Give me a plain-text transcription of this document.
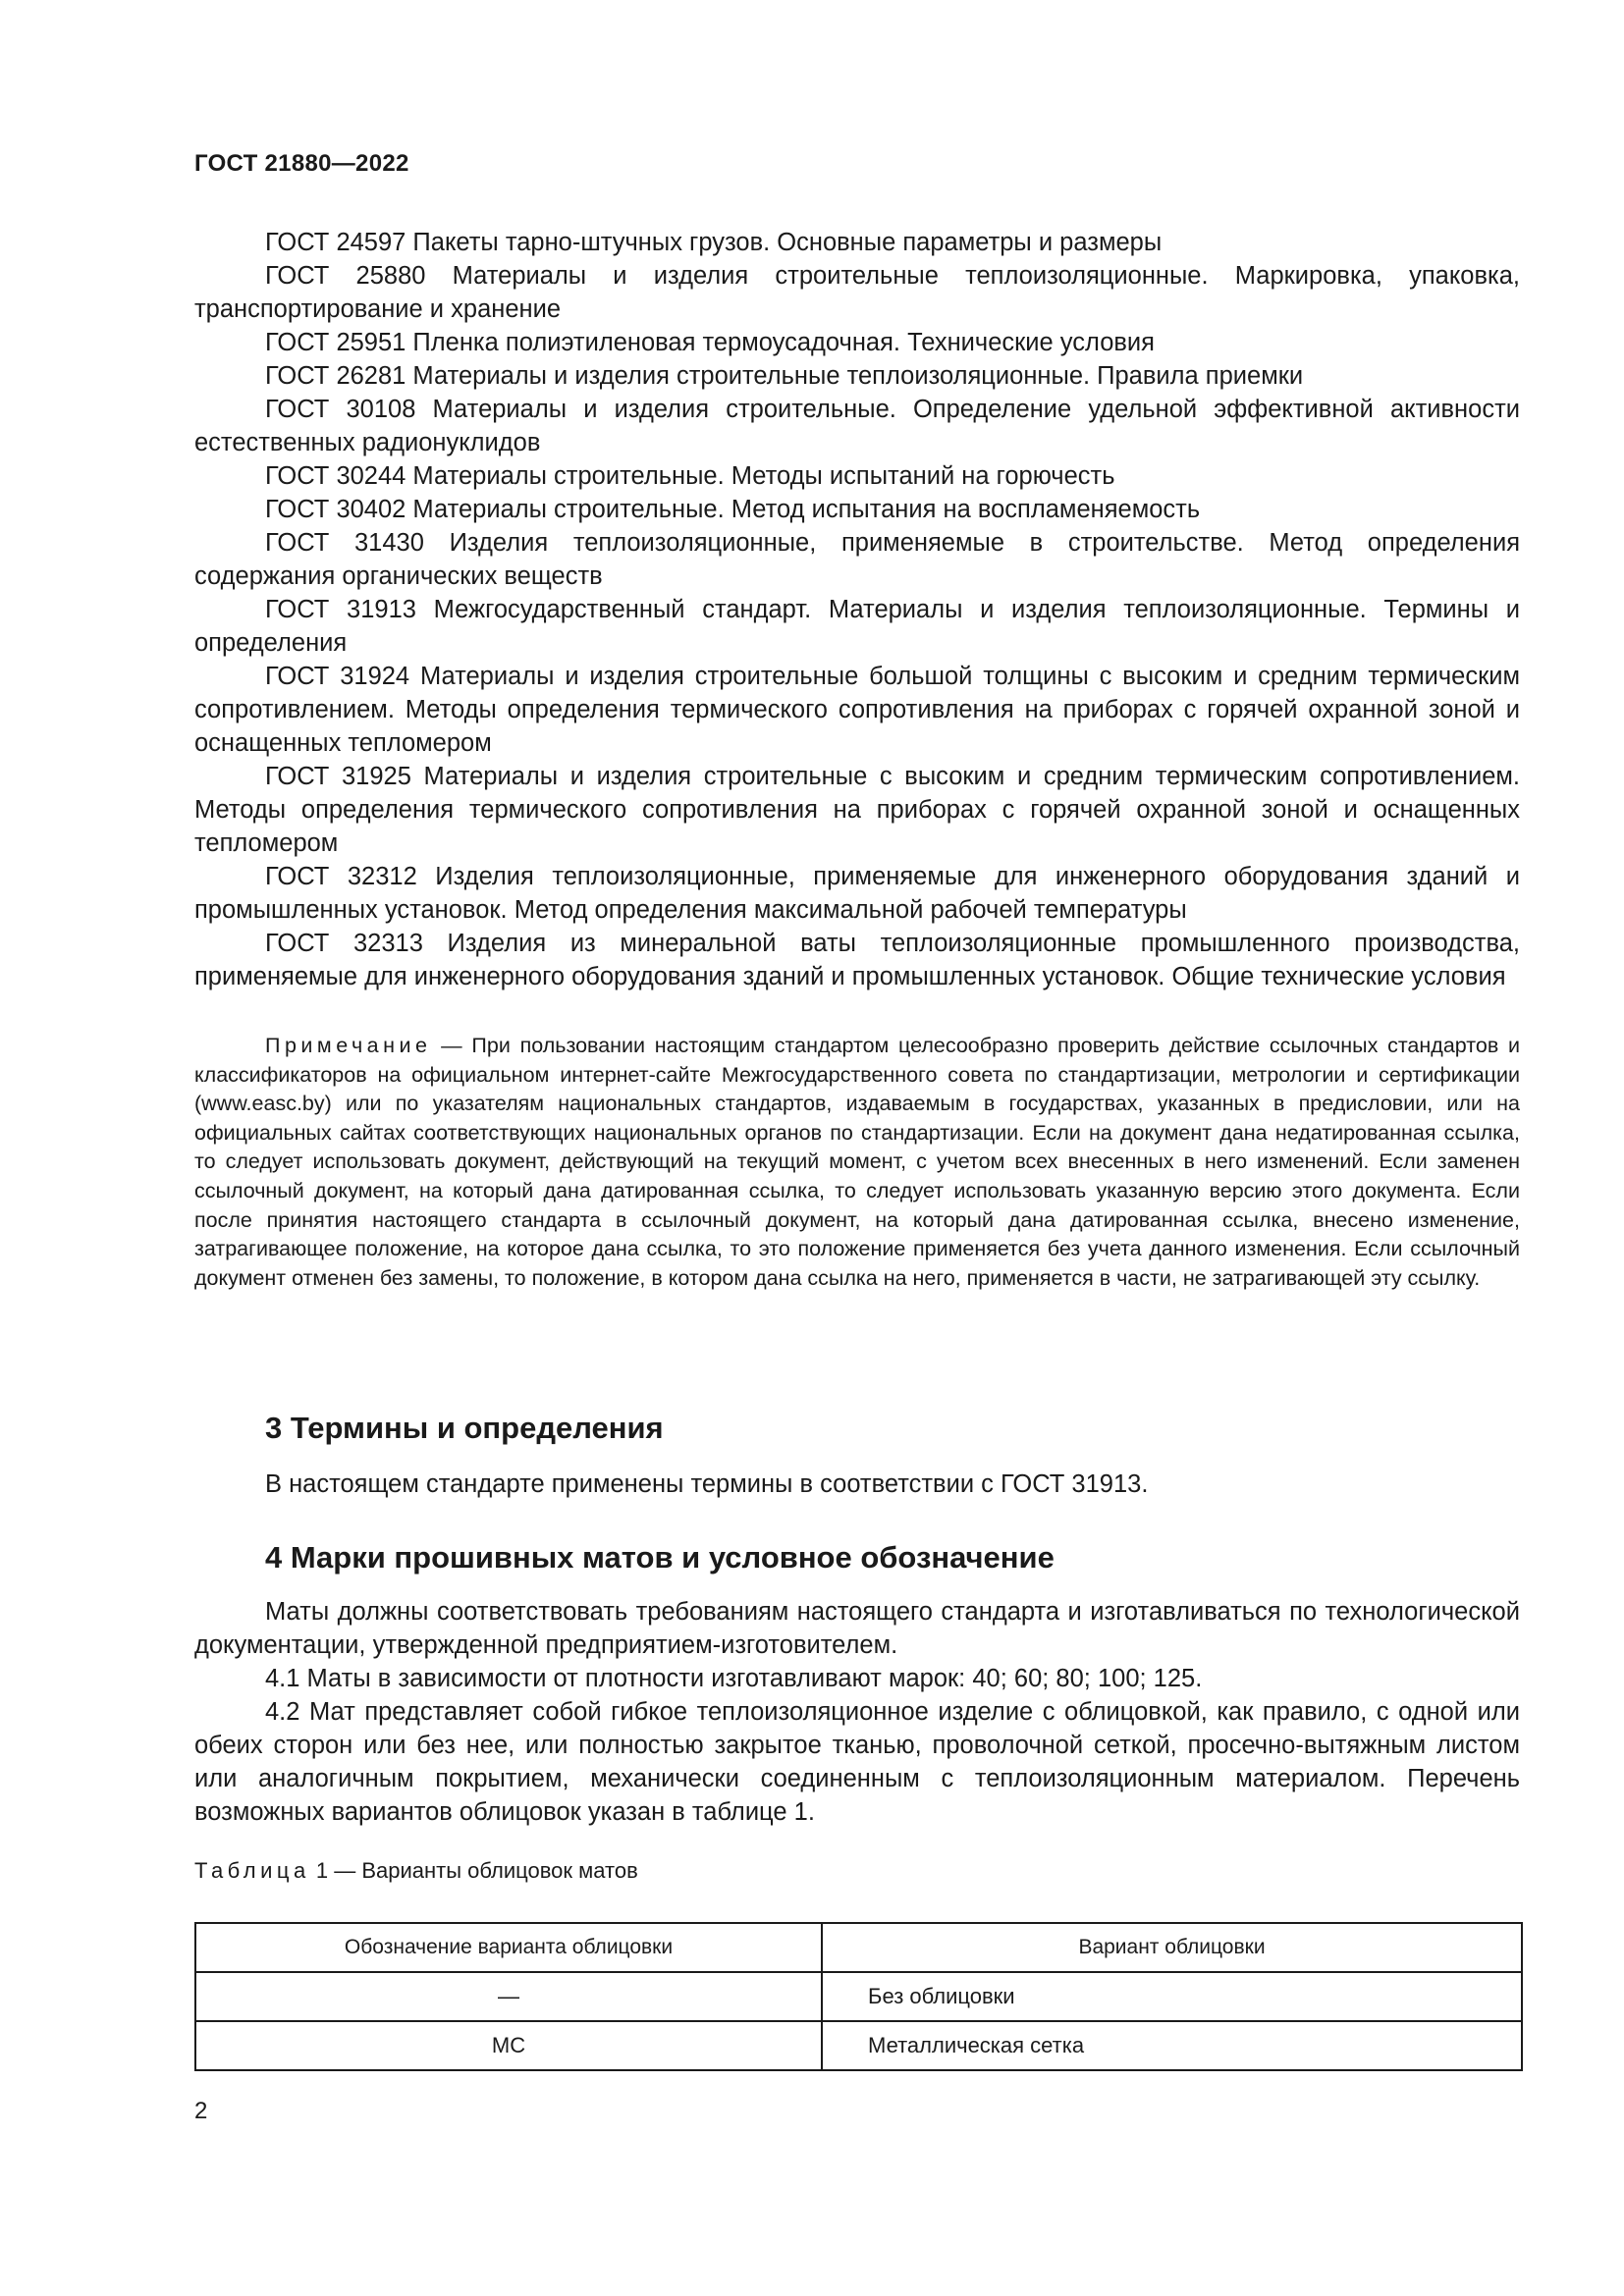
ГОСТ 21880—2022

ГОСТ 24597 Пакеты тарно-штучных грузов. Основные параметры и размеры

ГОСТ 25880 Материалы и изделия строительные теплоизоляционные. Маркировка, упаковка, транспортирование и хранение

ГОСТ 25951 Пленка полиэтиленовая термоусадочная. Технические условия

ГОСТ 26281 Материалы и изделия строительные теплоизоляционные. Правила приемки

ГОСТ 30108 Материалы и изделия строительные. Определение удельной эффективной активности естественных радионуклидов

ГОСТ 30244 Материалы строительные. Методы испытаний на горючесть

ГОСТ 30402 Материалы строительные. Метод испытания на воспламеняемость

ГОСТ 31430 Изделия теплоизоляционные, применяемые в строительстве. Метод определения содержания органических веществ

ГОСТ 31913 Межгосударственный стандарт. Материалы и изделия теплоизоляционные. Термины и определения

ГОСТ 31924 Материалы и изделия строительные большой толщины с высоким и средним термическим сопротивлением. Методы определения термического сопротивления на приборах с горячей охранной зоной и оснащенных тепломером

ГОСТ 31925 Материалы и изделия строительные с высоким и средним термическим сопротивлением. Методы определения термического сопротивления на приборах с горячей охранной зоной и оснащенных тепломером

ГОСТ 32312 Изделия теплоизоляционные, применяемые для инженерного оборудования зданий и промышленных установок. Метод определения максимальной рабочей температуры

ГОСТ 32313 Изделия из минеральной ваты теплоизоляционные промышленного производства, применяемые для инженерного оборудования зданий и промышленных установок. Общие технические условия

Примечание — При пользовании настоящим стандартом целесообразно проверить действие ссылочных стандартов и классификаторов на официальном интернет-сайте Межгосударственного совета по стандартизации, метрологии и сертификации (www.easc.by) или по указателям национальных стандартов, издаваемым в государствах, указанных в предисловии, или на официальных сайтах соответствующих национальных органов по стандартизации. Если на документ дана недатированная ссылка, то следует использовать документ, действующий на текущий момент, с учетом всех внесенных в него изменений. Если заменен ссылочный документ, на который дана датированная ссылка, то следует использовать указанную версию этого документа. Если после принятия настоящего стандарта в ссылочный документ, на который дана датированная ссылка, внесено изменение, затрагивающее положение, на которое дана ссылка, то это положение применяется без учета данного изменения. Если ссылочный документ отменен без замены, то положение, в котором дана ссылка на него, применяется в части, не затрагивающей эту ссылку.

3 Термины и определения

В настоящем стандарте применены термины в соответствии с ГОСТ 31913.

4 Марки прошивных матов и условное обозначение

Маты должны соответствовать требованиям настоящего стандарта и изготавливаться по технологической документации, утвержденной предприятием-изготовителем.

4.1 Маты в зависимости от плотности изготавливают марок: 40; 60; 80; 100; 125.

4.2 Мат представляет собой гибкое теплоизоляционное изделие с облицовкой, как правило, с одной или обеих сторон или без нее, или полностью закрытое тканью, проволочной сеткой, просечно-вытяжным листом или аналогичным покрытием, механически соединенным с теплоизоляционным материалом. Перечень возможных вариантов облицовок указан в таблице 1.

Таблица 1 — Варианты облицовок матов

Обозначение варианта облицовки	Вариант облицовки
—	Без облицовки
МС	Металлическая сетка

2
